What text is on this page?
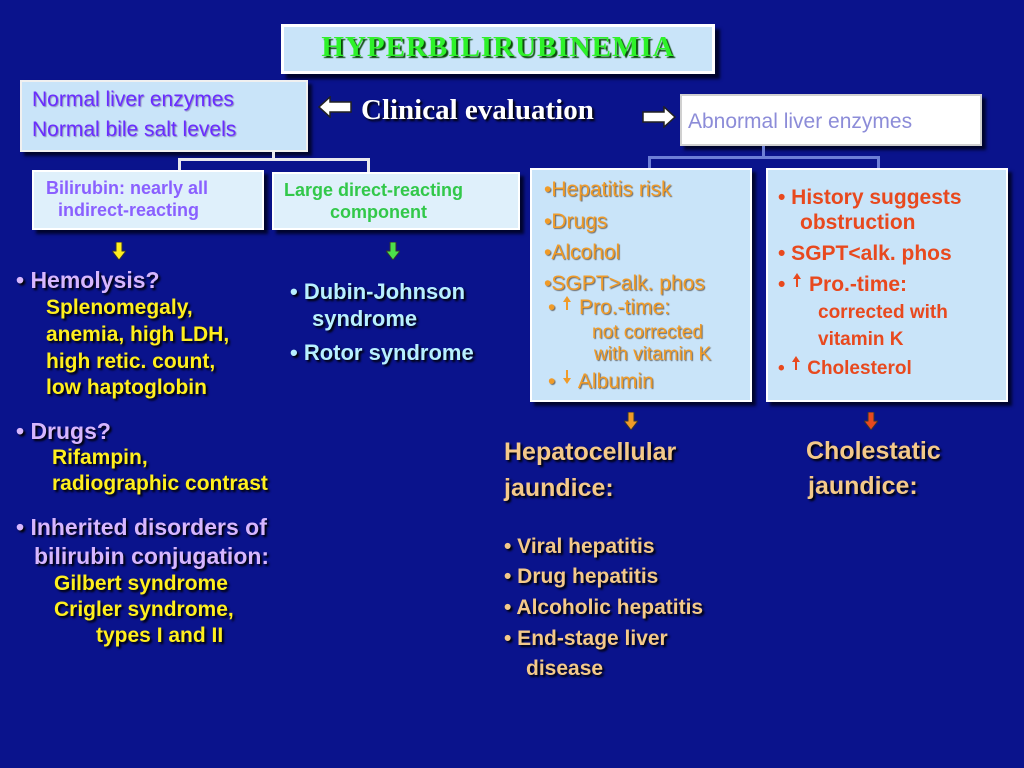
HYPERBILIRUBINEMIA
Normal liver enzymes
Normal bile salt levels
Clinical evaluation	Abnormal liver enzymes
Bilirubin: nearly all
indirect-reacting
Large direct-reacting
component
•Hepatitis risk
•Drugs
•Alcohol
•SGPT>alk. phos
• Pro.-time:
not corrected
with vitamin K
• Albumin
• History suggests
obstruction
• SGPT<alk. phos
• Pro.-time:
corrected with
vitamin K
• Cholesterol
• Hemolysis?
Splenomegaly,
anemia, high LDH,
high retic. count,
low haptoglobin
• Drugs?
Rifampin,
radiographic contrast
• Inherited disorders of
bilirubin conjugation:
Gilbert syndrome
Crigler syndrome,
types I and II
• Dubin-Johnson
syndrome
• Rotor syndrome
Hepatocellular
jaundice:
• Viral hepatitis
• Drug hepatitis
• Alcoholic hepatitis
• End-stage liver
disease
Cholestatic
jaundice:
